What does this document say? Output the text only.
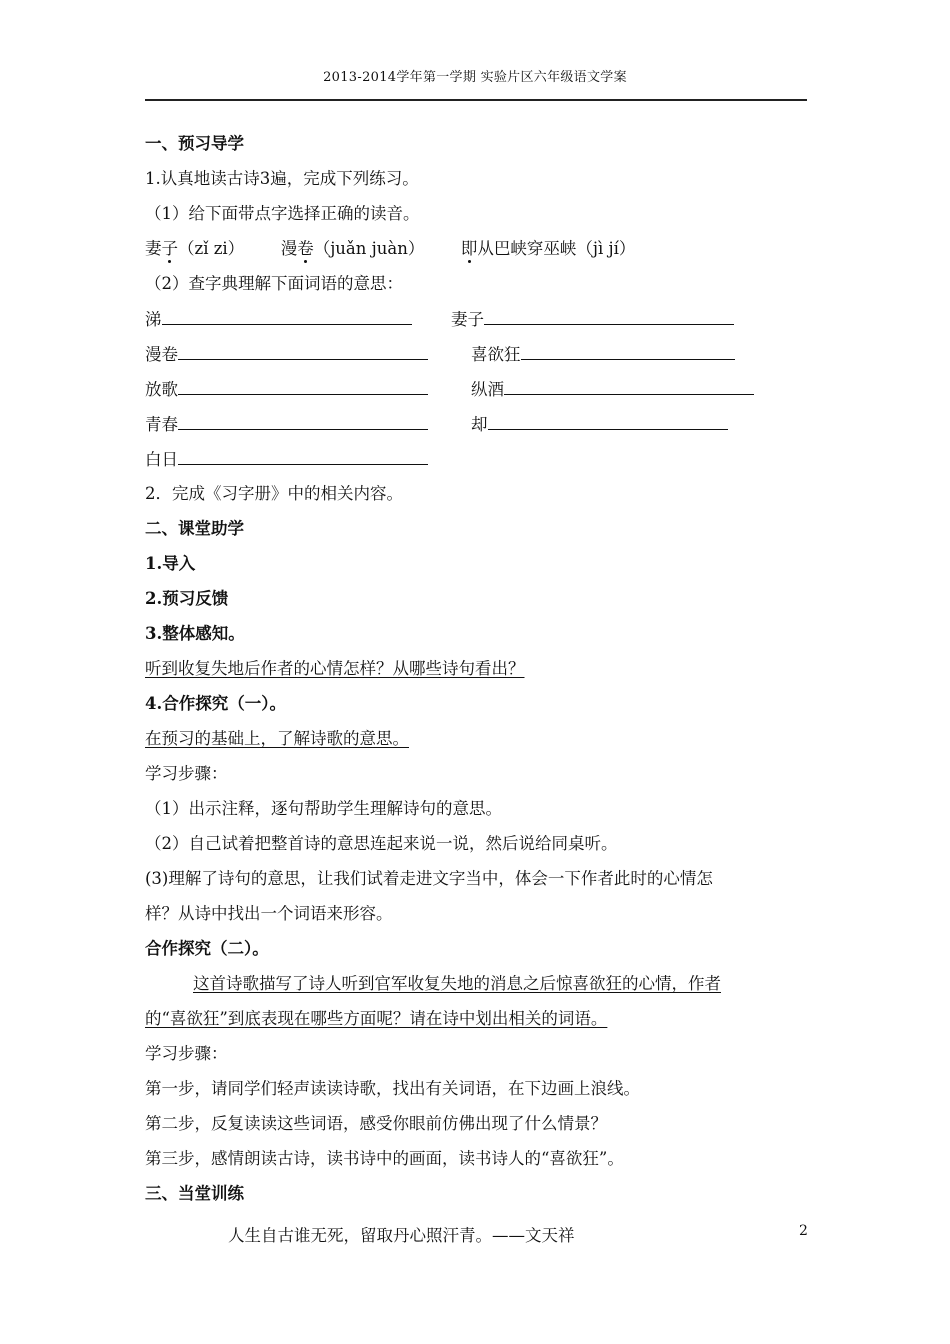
2013-2014学年第一学期 实验片区六年级语文学案
一、预习导学
1.认真地读古诗3遍，完成下列练习。
（1）给下面带点字选择正确的读音。
妻子（zǐ zi） 漫卷（juǎn juàn） 即从巴峡穿巫峡（jì jí）
（2）查字典理解下面词语的意思：
涕	妻子
漫卷	喜欲狂
放歌	纵酒
青春	却
白日
2．完成《习字册》中的相关内容。
二、课堂助学
1.导入
2.预习反馈
3.整体感知。
听到收复失地后作者的心情怎样？从哪些诗句看出？
4.合作探究（一）。
在预习的基础上，了解诗歌的意思。
学习步骤：
（1）出示注释，逐句帮助学生理解诗句的意思。
（2）自己试着把整首诗的意思连起来说一说，然后说给同桌听。
(3)理解了诗句的意思，让我们试着走进文字当中，体会一下作者此时的心情怎
样？从诗中找出一个词语来形容。
合作探究（二）。
这首诗歌描写了诗人听到官军收复失地的消息之后惊喜欲狂的心情，作者
的“喜欲狂”到底表现在哪些方面呢？请在诗中划出相关的词语。
学习步骤：
第一步，请同学们轻声读读诗歌，找出有关词语，在下边画上浪线。
第二步，反复读读这些词语，感受你眼前仿佛出现了什么情景？
第三步，感情朗读古诗，读书诗中的画面，读书诗人的“喜欲狂”。
三、当堂训练
人生自古谁无死，留取丹心照汗青。——文天祥	2
